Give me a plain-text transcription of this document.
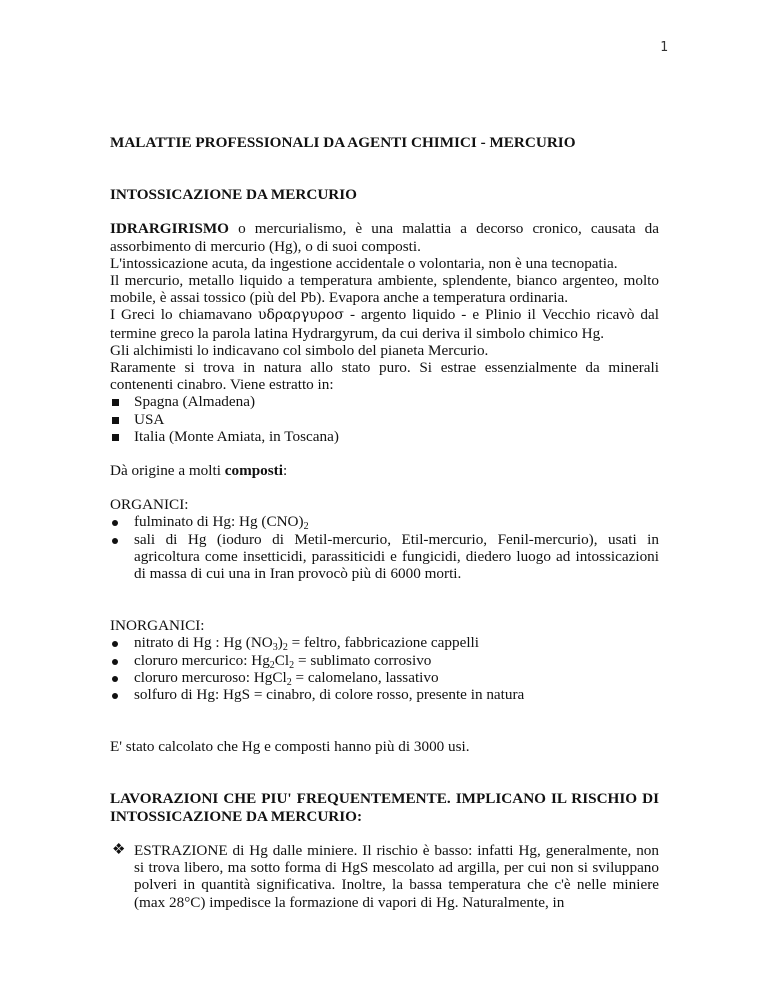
1

MALATTIE PROFESSIONALI DA AGENTI CHIMICI - MERCURIO

INTOSSICAZIONE DA MERCURIO

IDRARGIRISMO o mercurialismo, è una malattia a decorso cronico, causata da assorbimento di mercurio (Hg), o di suoi composti.

L'intossicazione acuta, da ingestione accidentale o volontaria, non è una tecnopatia.

Il mercurio, metallo liquido a temperatura ambiente, splendente, bianco argenteo, molto mobile, è assai tossico (più del Pb). Evapora anche a temperatura ordinaria.

I Greci lo chiamavano υδραργυροσ - argento liquido - e Plinio il Vecchio ricavò dal termine greco la parola latina Hydrargyrum, da cui deriva il simbolo chimico Hg.

Gli alchimisti lo indicavano col simbolo del pianeta Mercurio.

Raramente si trova in natura allo stato puro. Si estrae essenzialmente da minerali contenenti cinabro. Viene estratto in:

Spagna (Almadena)
USA
Italia (Monte Amiata, in Toscana)

Dà origine a molti composti:

ORGANICI:

fulminato di Hg: Hg $(CNO)_2$
sali di Hg (ioduro di Metil-mercurio, Etil-mercurio, Fenil-mercurio), usati in agricoltura come insetticidi, parassiticidi e fungicidi, diedero luogo ad intossicazioni di massa di cui una in Iran provocò più di 6000 morti.

INORGANICI:

nitrato di Hg : Hg $(NO_3)_2$ = feltro, fabbricazione cappelli
cloruro mercurico: $Hg_2Cl_2$ = sublimato corrosivo
cloruro mercuroso: HgCl$_2$ = calomelano, lassativo
solfuro di Hg: HgS = cinabro, di colore rosso, presente in natura

E' stato calcolato che Hg e composti hanno più di 3000 usi.

LAVORAZIONI CHE PIU' FREQUENTEMENTE. IMPLICANO IL RISCHIO DI INTOSSICAZIONE DA MERCURIO:

❖ ESTRAZIONE di Hg dalle miniere. Il rischio è basso: infatti Hg, generalmente, non si trova libero, ma sotto forma di HgS mescolato ad argilla, per cui non si sviluppano polveri in quantità significativa. Inoltre, la bassa temperatura che c'è nelle miniere (max 28°C) impedisce la formazione di vapori di Hg. Naturalmente, in
